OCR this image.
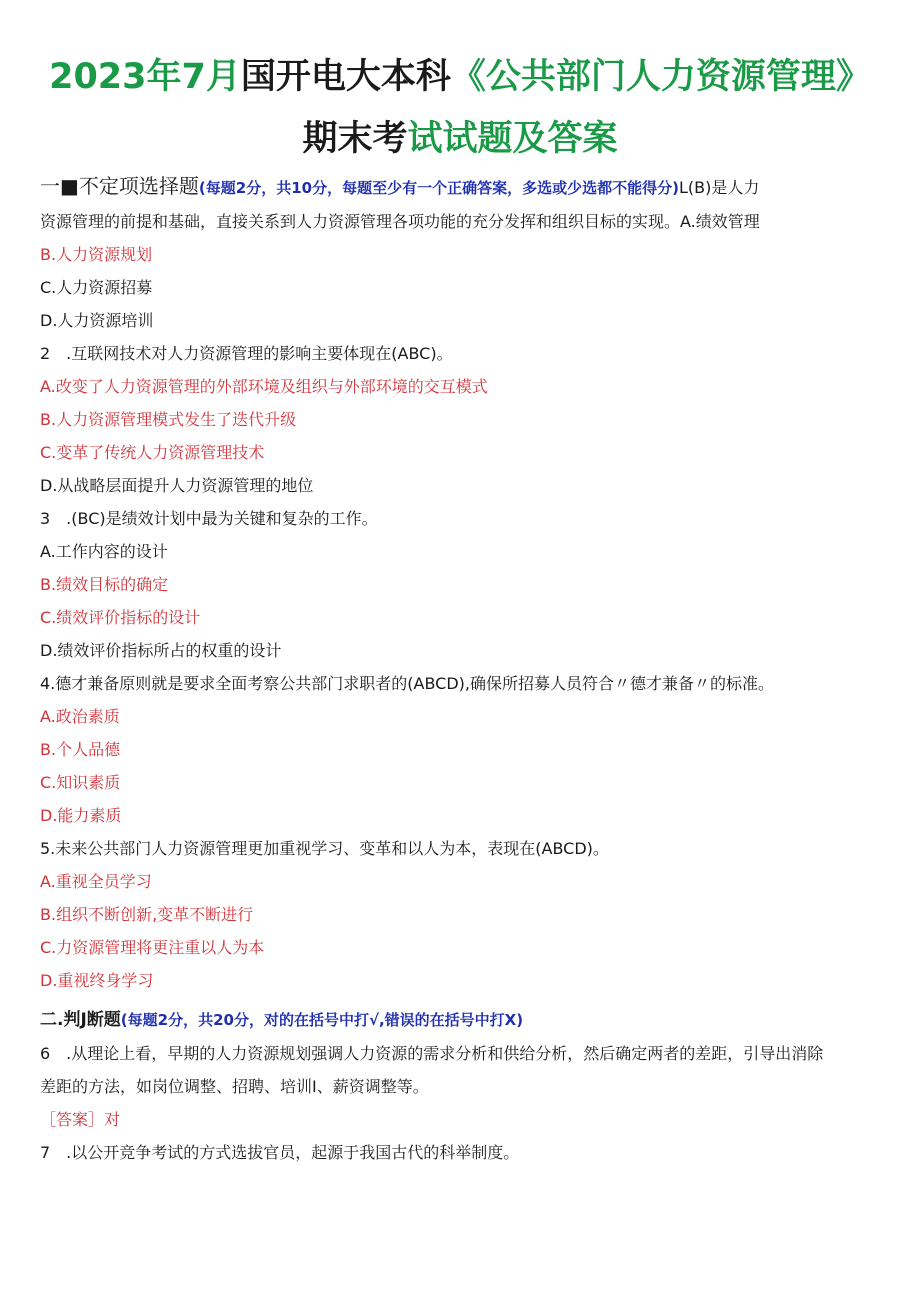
2023年7月国开电大本科《公共部门人力资源管理》
期末考试试题及答案
一■不定项选择题(每题2分，共10分，每题至少有一个正确答案，多选或少选都不能得分)L(B)是人力
资源管理的前提和基础，直接关系到人力资源管理各项功能的充分发挥和组织目标的实现。A.绩效管理
B.人力资源规划
C.人力资源招募
D.人力资源培训
2　.互联网技术对人力资源管理的影响主要体现在(ABC)。
A.改变了人力资源管理的外部环境及组织与外部环境的交互模式
B.人力资源管理模式发生了迭代升级
C.变革了传统人力资源管理技术
D.从战略层面提升人力资源管理的地位
3　.(BC)是绩效计划中最为关键和复杂的工作。
A.工作内容的设计
B.绩效目标的确定
C.绩效评价指标的设计
D.绩效评价指标所占的权重的设计
4.德才兼备原则就是要求全面考察公共部门求职者的(ABCD),确保所招募人员符合〃德才兼备〃的标准。
A.政治素质
B.个人品德
C.知识素质
D.能力素质
5.未来公共部门人力资源管理更加重视学习、变革和以人为本，表现在(ABCD)。
A.重视全员学习
B.组织不断创新,变革不断进行
C.力资源管理将更注重以人为本
D.重视终身学习
二.判J断题(每题2分，共20分，对的在括号中打√,错误的在括号中打X)
6　.从理论上看，早期的人力资源规划强调人力资源的需求分析和供给分析，然后确定两者的差距，引导出消除
差距的方法，如岗位调整、招聘、培训I、薪资调整等。
［答案］对
7　.以公开竞争考试的方式选拔官员，起源于我国古代的科举制度。
